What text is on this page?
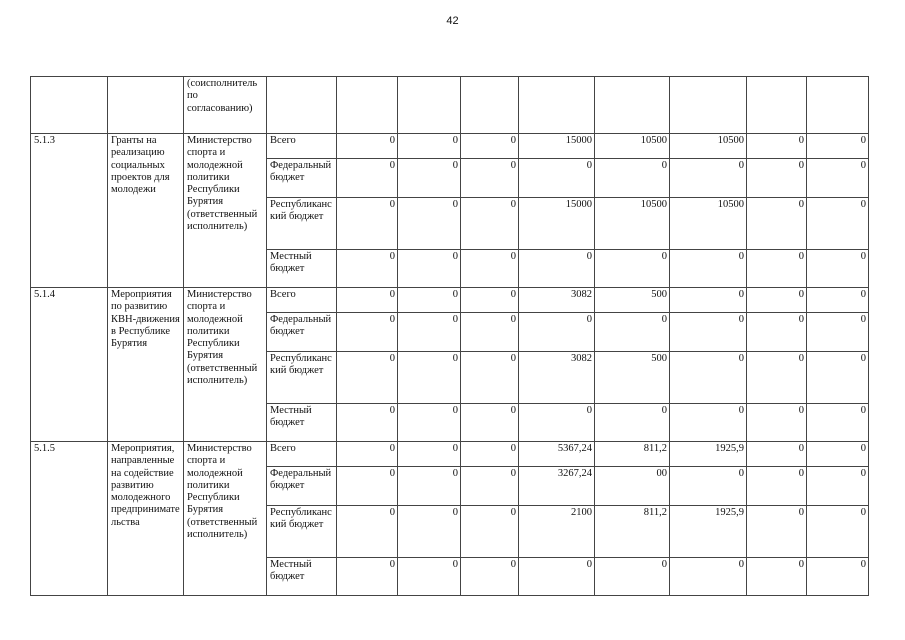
42
		(соисполнитель по согласованию)									
5.1.3	Гранты на реализацию социальных проектов для молодежи	Министерство спорта и молодежной политики Республики Бурятия (ответственный исполнитель)	Всего	0	0	0	15000	10500	10500	0	0
			Федеральный бюджет	0	0	0	0	0	0	0	0
			Республиканский бюджет	0	0	0	15000	10500	10500	0	0
			Местный бюджет	0	0	0	0	0	0	0	0
5.1.4	Мероприятия по развитию КВН-движения в Республике Бурятия	Министерство спорта и молодежной политики Республики Бурятия (ответственный исполнитель)	Всего	0	0	0	3082	500	0	0	0
			Федеральный бюджет	0	0	0	0	0	0	0	0
			Республиканский бюджет	0	0	0	3082	500	0	0	0
			Местный бюджет	0	0	0	0	0	0	0	0
5.1.5	Мероприятия, направленные на содействие развитию молодежного предпринимательства	Министерство спорта и молодежной политики Республики Бурятия (ответственный исполнитель)	Всего	0	0	0	5367,24	811,2	1925,9	0	0
			Федеральный бюджет	0	0	0	3267,24	00	0	0	0
			Республиканский бюджет	0	0	0	2100	811,2	1925,9	0	0
			Местный бюджет	0	0	0	0	0	0	0	0
